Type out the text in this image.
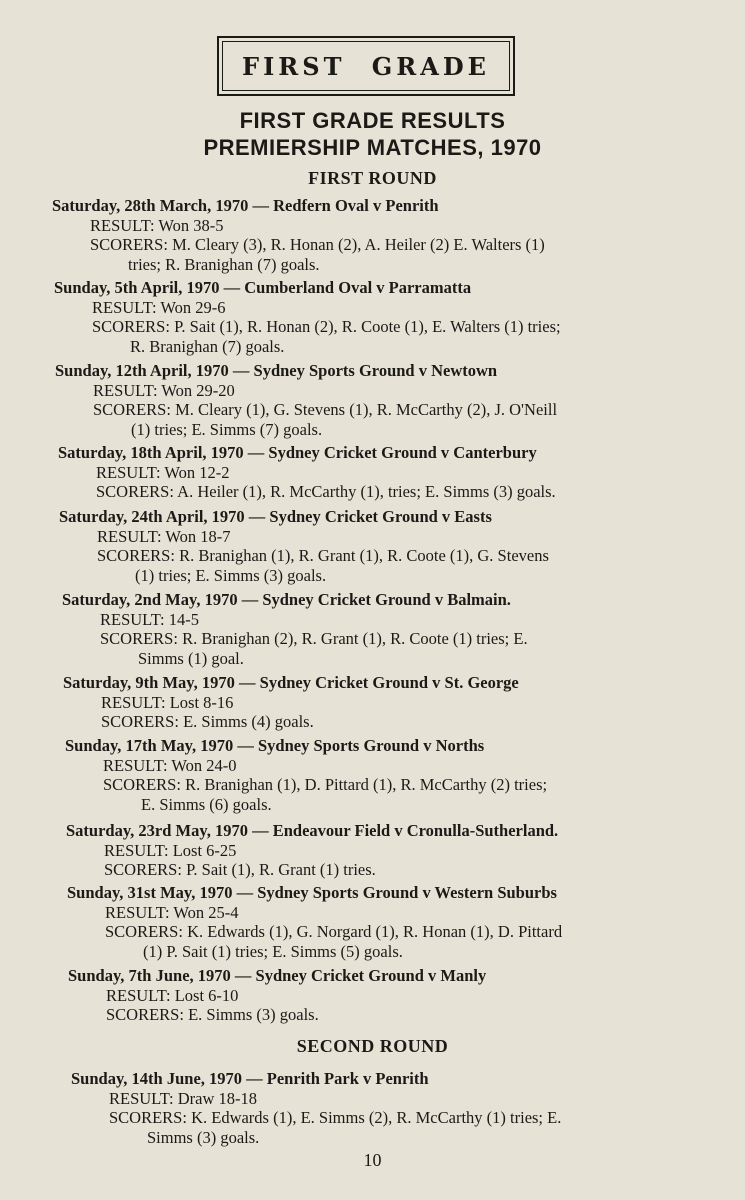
FIRST GRADE
FIRST GRADE RESULTS
PREMIERSHIP MATCHES, 1970
FIRST ROUND
Saturday, 28th March, 1970 — Redfern Oval v Penrith
RESULT: Won 38-5
SCORERS: M. Cleary (3), R. Honan (2), A. Heiler (2) E. Walters (1)
tries; R. Branighan (7) goals.
Sunday, 5th April, 1970 — Cumberland Oval v Parramatta
RESULT: Won 29-6
SCORERS: P. Sait (1), R. Honan (2), R. Coote (1), E. Walters (1) tries;
R. Branighan (7) goals.
Sunday, 12th April, 1970 — Sydney Sports Ground v Newtown
RESULT: Won 29-20
SCORERS: M. Cleary (1), G. Stevens (1), R. McCarthy (2), J. O'Neill
(1) tries; E. Simms (7) goals.
Saturday, 18th April, 1970 — Sydney Cricket Ground v Canterbury
RESULT: Won 12-2
SCORERS: A. Heiler (1), R. McCarthy (1), tries; E. Simms (3) goals.
Saturday, 24th April, 1970 — Sydney Cricket Ground v Easts
RESULT: Won 18-7
SCORERS: R. Branighan (1), R. Grant (1), R. Coote (1), G. Stevens
(1) tries; E. Simms (3) goals.
Saturday, 2nd May, 1970 — Sydney Cricket Ground v Balmain.
RESULT: 14-5
SCORERS: R. Branighan (2), R. Grant (1), R. Coote (1) tries; E.
Simms (1) goal.
Saturday, 9th May, 1970 — Sydney Cricket Ground v St. George
RESULT: Lost 8-16
SCORERS: E. Simms (4) goals.
Sunday, 17th May, 1970 — Sydney Sports Ground v Norths
RESULT: Won 24-0
SCORERS: R. Branighan (1), D. Pittard (1), R. McCarthy (2) tries;
E. Simms (6) goals.
Saturday, 23rd May, 1970 — Endeavour Field v Cronulla-Sutherland.
RESULT: Lost 6-25
SCORERS: P. Sait (1), R. Grant (1) tries.
Sunday, 31st May, 1970 — Sydney Sports Ground v Western Suburbs
RESULT: Won 25-4
SCORERS: K. Edwards (1), G. Norgard (1), R. Honan (1), D. Pittard
(1) P. Sait (1) tries; E. Simms (5) goals.
Sunday, 7th June, 1970 — Sydney Cricket Ground v Manly
RESULT: Lost 6-10
SCORERS: E. Simms (3) goals.
SECOND ROUND
Sunday, 14th June, 1970 — Penrith Park v Penrith
RESULT: Draw 18-18
SCORERS: K. Edwards (1), E. Simms (2), R. McCarthy (1) tries; E.
Simms (3) goals.
10
